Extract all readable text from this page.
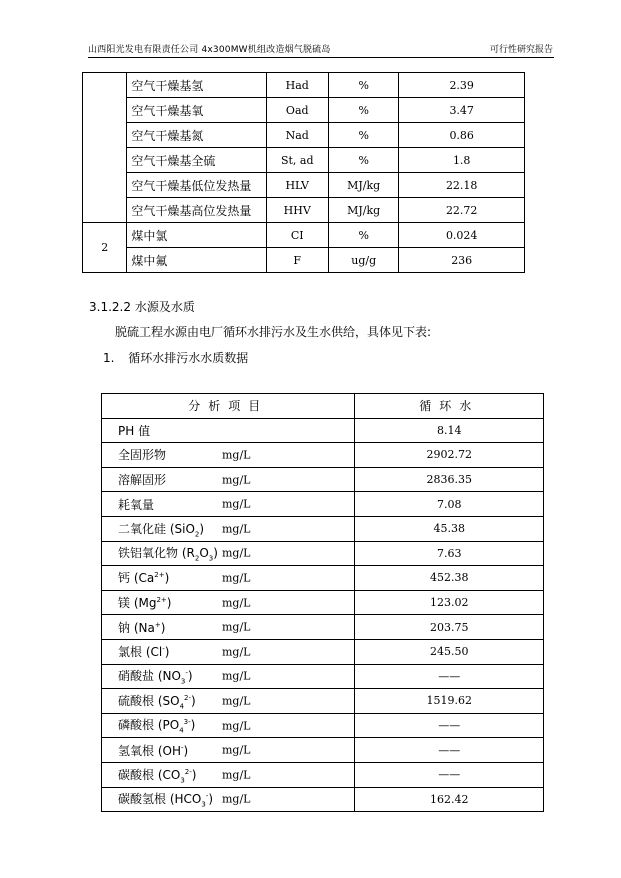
山西阳光发电有限责任公司 4x300MW机组改造烟气脱硫岛	可行性研究报告
	空气干燥基氢	Had	%	2.39
	空气干燥基氧	Oad	%	3.47
	空气干燥基氮	Nad	%	0.86
	空气干燥基全硫	St, ad	%	1.8
	空气干燥基低位发热量	HLV	MJ/kg	22.18
	空气干燥基高位发热量	HHV	MJ/kg	22.72
2	煤中氯	CI	%	0.024
	煤中氟	F	ug/g	236
3.1.2.2 水源及水质
脱硫工程水源由电厂循环水排污水及生水供给，具体见下表:
1. 循环水排污水水质数据
分析项目	循环水
PH 值	8.14
全固形物 mg/L	2902.72
溶解固形 mg/L	2836.35
耗氧量 mg/L	7.08
二氧化硅 (SiO$_2$) mg/L	45.38
铁铝氧化物 $(R_2O_3)$ mg/L	7.63
钙 $(Ca^{2+})$ mg/L	452.38
镁 $(Mg^{2+})$ mg/L	123.02
钠 (Na+) mg/L	203.75
氯根 (Cl-) mg/L	245.50
硝酸盐 $(NO_3^-)$ mg/L	——
硫酸根 $(SO_4^{2-})$ mg/L	1519.62
磷酸根 $(PO_4^{3-})$ mg/L	——
氢氧根 (OH-) mg/L	——
碳酸根 $(CO_3^{2-})$ mg/L	——
碳酸氢根 $(HCO_3^-)$ mg/L	162.42
